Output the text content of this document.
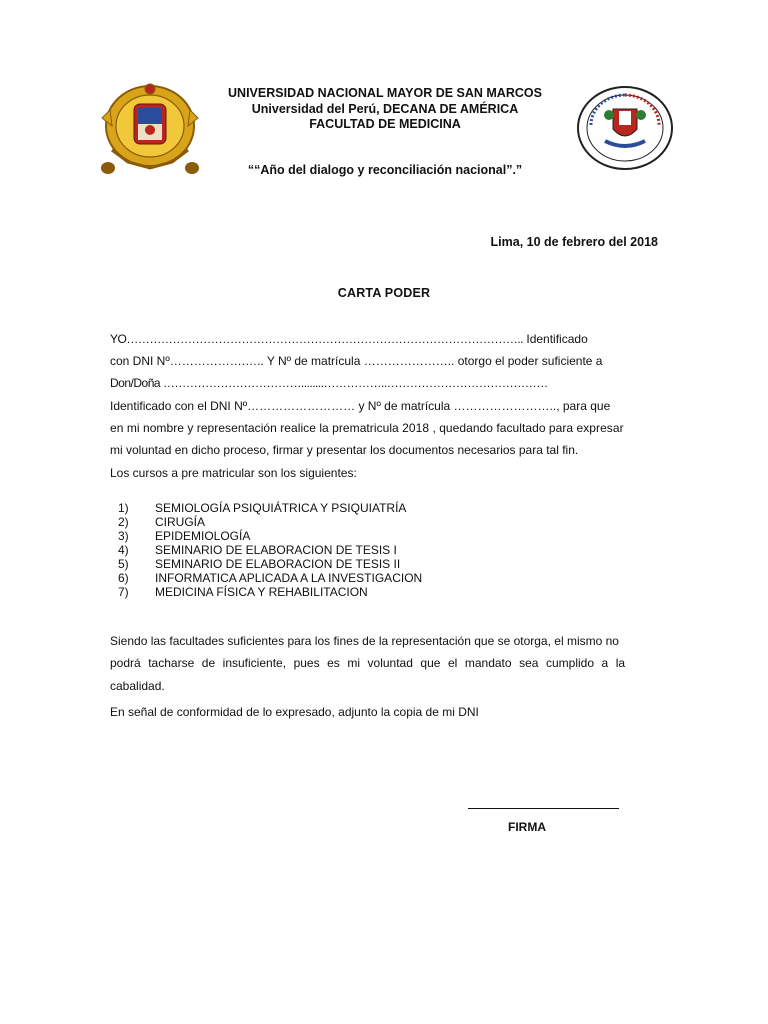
UNIVERSIDAD NACIONAL MAYOR DE SAN MARCOS
Universidad del Perú, DECANA DE AMÉRICA
FACULTAD DE MEDICINA
““Año del dialogo y reconciliación nacional”.”
Lima, 10 de febrero del 2018
CARTA PODER
YO………………………………………………………………………………………….. Identificado
con DNI Nº……………….….. Y Nº de matrícula ………………….. otorgo el poder suficiente a
Don/Doña ………………………………........……………..……………………………………
Identificado con el DNI Nº……………………… y Nº de matrícula …………………….., para que
en mi nombre y representación realice la prematricula 2018 , quedando facultado para expresar
mi voluntad en dicho proceso, firmar y presentar los documentos necesarios para tal fin.
Los cursos a pre matricular son los siguientes:
1)	SEMIOLOGÍA PSIQUIÁTRICA Y PSIQUIATRÍA
2)	CIRUGÍA
3)	EPIDEMIOLOGÍA
4)	SEMINARIO DE ELABORACION DE TESIS I
5)	SEMINARIO DE ELABORACION DE TESIS II
6)	INFORMATICA APLICADA A LA INVESTIGACION
7)	MEDICINA FÍSICA Y REHABILITACION
Siendo las facultades suficientes para los fines de la representación que se otorga, el mismo no
podrá tacharse de insuficiente, pues es mi voluntad que el mandato sea cumplido a la
cabalidad.
En señal de conformidad de lo expresado, adjunto la copia de mi DNI
FIRMA
